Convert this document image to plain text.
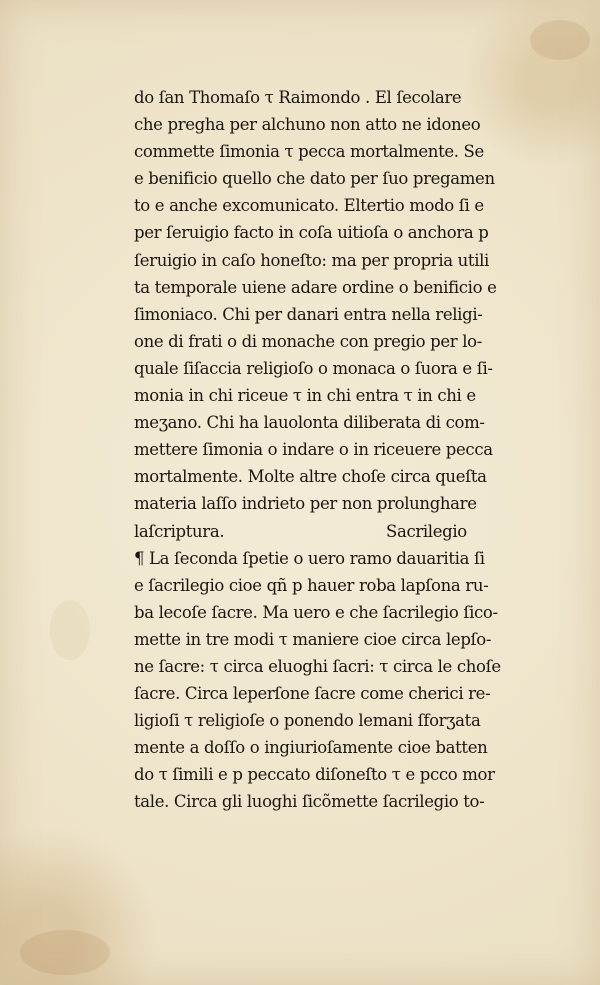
do ſan Thomaſo τ Raimondo . El ſecolare
che pregha per alchuno non atto ne idoneo
commette ſimonia τ pecca mortalmente. Se
e benificio quello che dato per ſuo pregamen
to e anche excomunicato. Eltertio modo ſi e
per ſeruigio facto in coſa uitioſa o anchora p
ſeruigio in caſo honeſto: ma per propria utili
ta temporale uiene adare ordine o benificio e
ſimoniaco. Chi per danari entra nella religi-
one di frati o di monache con pregio per lo-
quale ſiſaccia religioſo o monaca o ſuora e ſi-
monia in chi riceue τ in chi entra τ in chi e
meʒano. Chi ha lauolonta diliberata di com-
mettere ſimonia o indare o in riceuere pecca
mortalmente. Molte altre choſe circa queſta
materia laſſo indrieto per non prolunghare
laſcriptura.	Sacrilegio
¶ La ſeconda ſpetie o uero ramo dauaritia ſi
e ſacrilegio cioe qñ p hauer roba lapſona ru-
ba lecoſe ſacre. Ma uero e che ſacrilegio ſico-
mette in tre modi τ maniere cioe circa lepſo-
ne ſacre: τ circa eluoghi ſacri: τ circa le choſe
ſacre. Circa leperſone ſacre come cherici re-
ligioſi τ religioſe o ponendo lemani ſforʒata
mente a doſſo o ingiurioſamente cioe batten
do τ ſimili e p peccato diſoneſto τ e pcco mor
tale. Circa gli luoghi ſicõmette ſacrilegio to-
